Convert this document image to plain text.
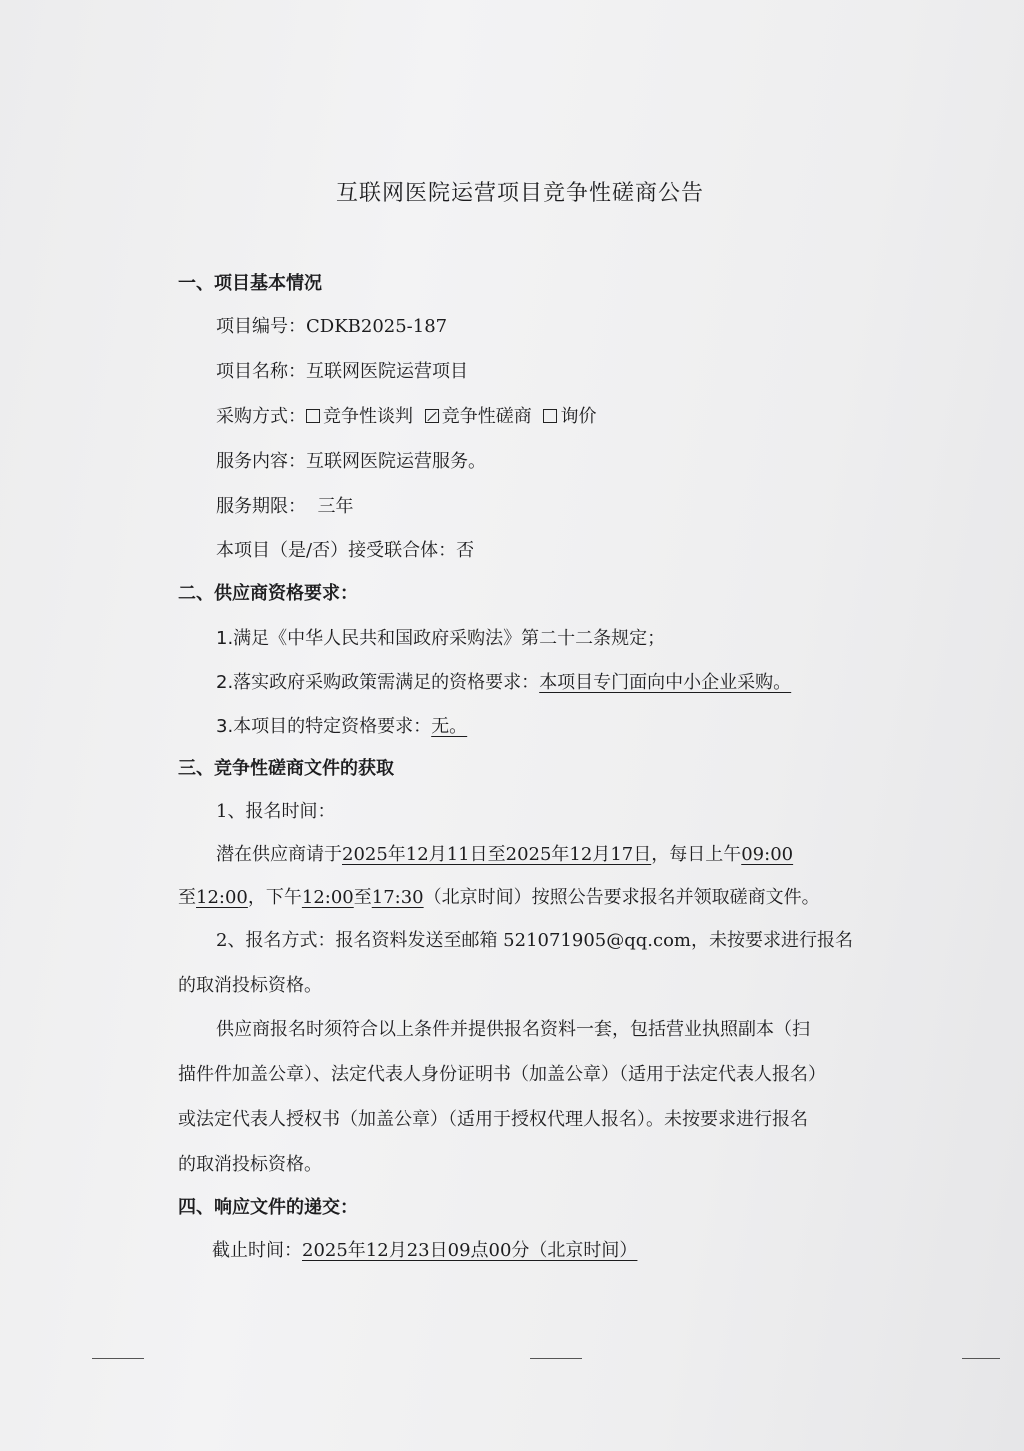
互联网医院运营项目竞争性磋商公告
一、项目基本情况
项目编号：CDKB2025-187
项目名称：互联网医院运营项目
采购方式： 竞争性谈判 竞争性磋商 询价
服务内容：互联网医院运营服务。
服务期限：  三年
本项目（是/否）接受联合体：否
二、供应商资格要求：
1.满足《中华人民共和国政府采购法》第二十二条规定；
2.落实政府采购政策需满足的资格要求：本项目专门面向中小企业采购。
3.本项目的特定资格要求：无。
三、竞争性磋商文件的获取
1、报名时间：
潜在供应商请于2025年12月11日至2025年12月17日，每日上午09:00
至12:00，下午12:00至17:30（北京时间）按照公告要求报名并领取磋商文件。
2、报名方式：报名资料发送至邮箱 521071905@qq.com，未按要求进行报名
的取消投标资格。
供应商报名时须符合以上条件并提供报名资料一套，包括营业执照副本（扫
描件件加盖公章）、法定代表人身份证明书（加盖公章）（适用于法定代表人报名）
或法定代表人授权书（加盖公章）（适用于授权代理人报名）。未按要求进行报名
的取消投标资格。
四、响应文件的递交：
截止时间：2025年12月23日09点00分（北京时间）
